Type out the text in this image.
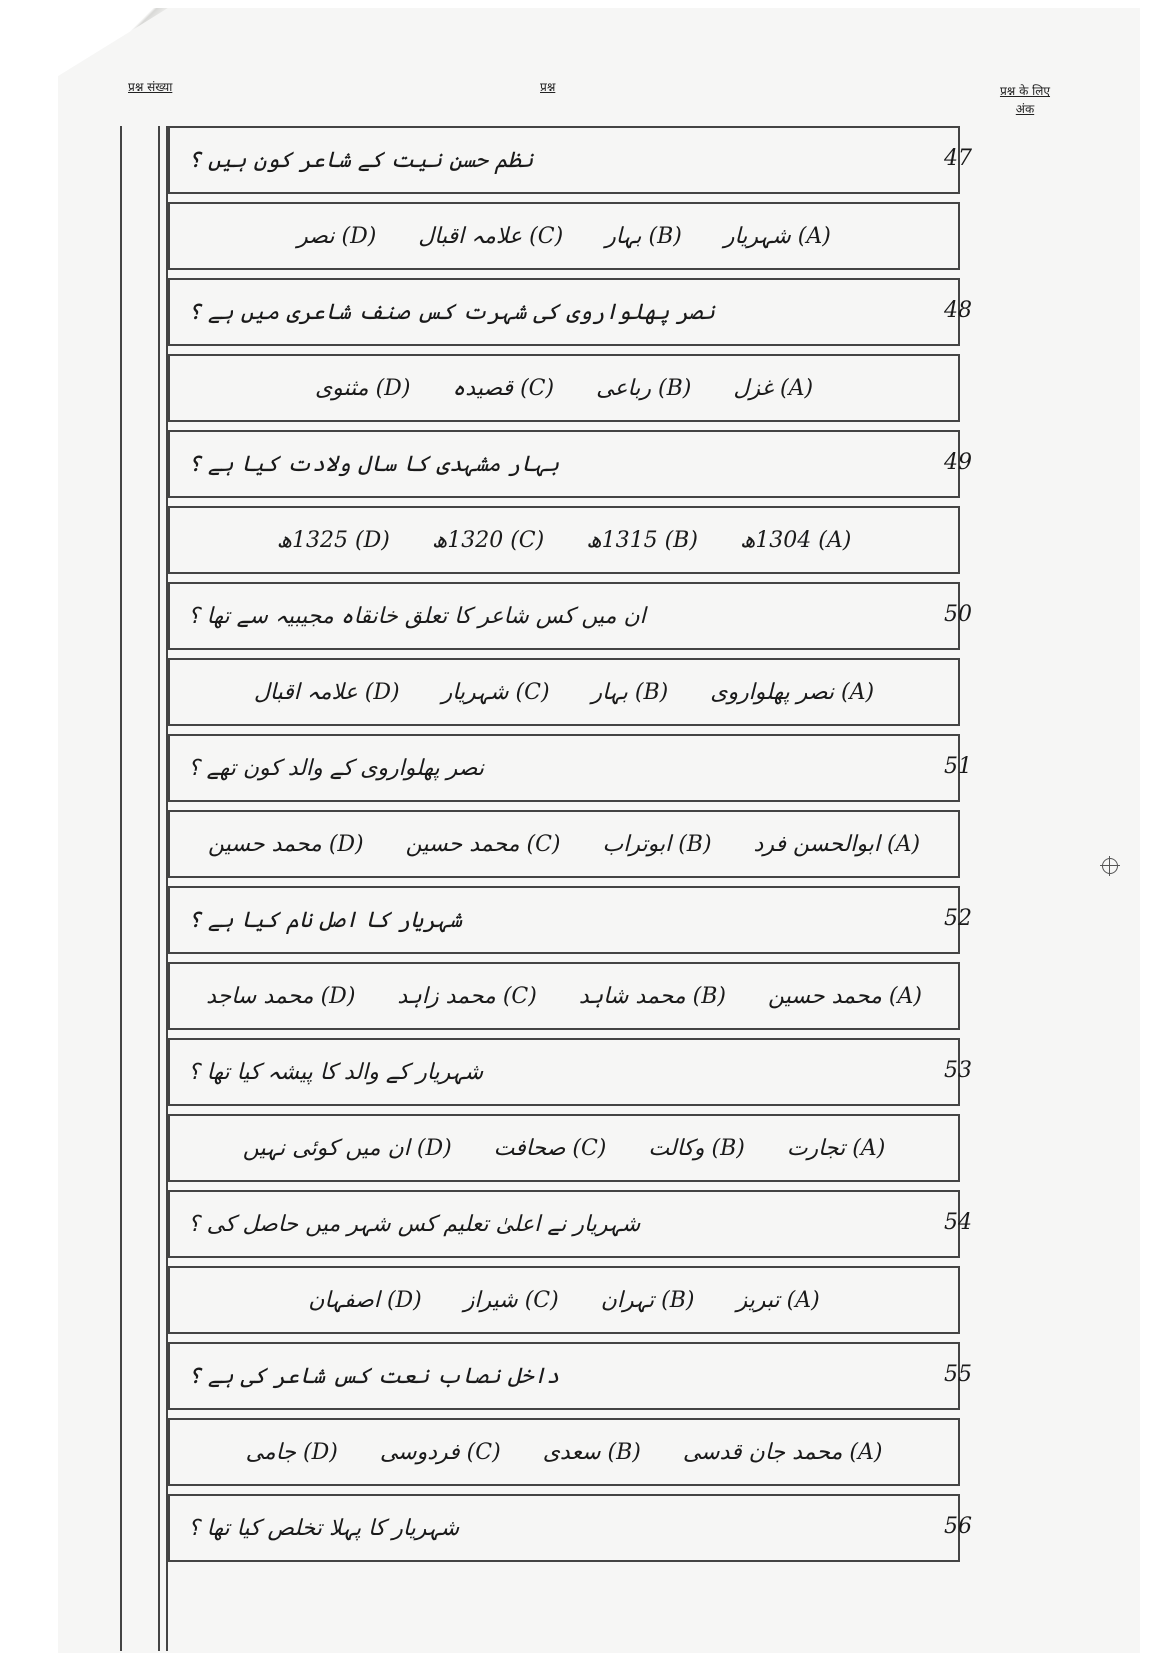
प्रश्न संख्या	प्रश्न	प्रश्न के लिए अंक
نظم حسن نیت کے شاعر کون ہیں ؟	47
(A) شہریار
(B) بہار
(C) علامہ اقبال
(D) نصر
نصر پھلواروی کی شہرت کس صنف شاعری میں ہے ؟	48
(A) غزل
(B) رباعی
(C) قصیدہ
(D) مثنوی
بہار مشہدی کا سال ولادت کیا ہے ؟	49
(A) 1304ھ
(B) 1315ھ
(C) 1320ھ
(D) 1325ھ
ان میں کس شاعر کا تعلق خانقاہ مجیبیہ سے تھا ؟	50
(A) نصر پھلواروی
(B) بہار
(C) شہریار
(D) علامہ اقبال
نصر پھلواروی کے والد کون تھے ؟	51
(A) ابوالحسن فرد
(B) ابوتراب
(C) محمد حسین
(D) محمد حسین
شہریار کا اصل نام کیا ہے ؟	52
(A) محمد حسین
(B) محمد شاہد
(C) محمد زاہد
(D) محمد ساجد
شہریار کے والد کا پیشہ کیا تھا ؟	53
(A) تجارت
(B) وکالت
(C) صحافت
(D) ان میں کوئی نہیں
شہریار نے اعلیٰ تعلیم کس شہر میں حاصل کی ؟	54
(A) تبریز
(B) تہران
(C) شیراز
(D) اصفہان
داخل نصاب نعت کس شاعر کی ہے ؟	55
(A) محمد جان قدسی
(B) سعدی
(C) فردوسی
(D) جامی
شہریار کا پہلا تخلص کیا تھا ؟	56
